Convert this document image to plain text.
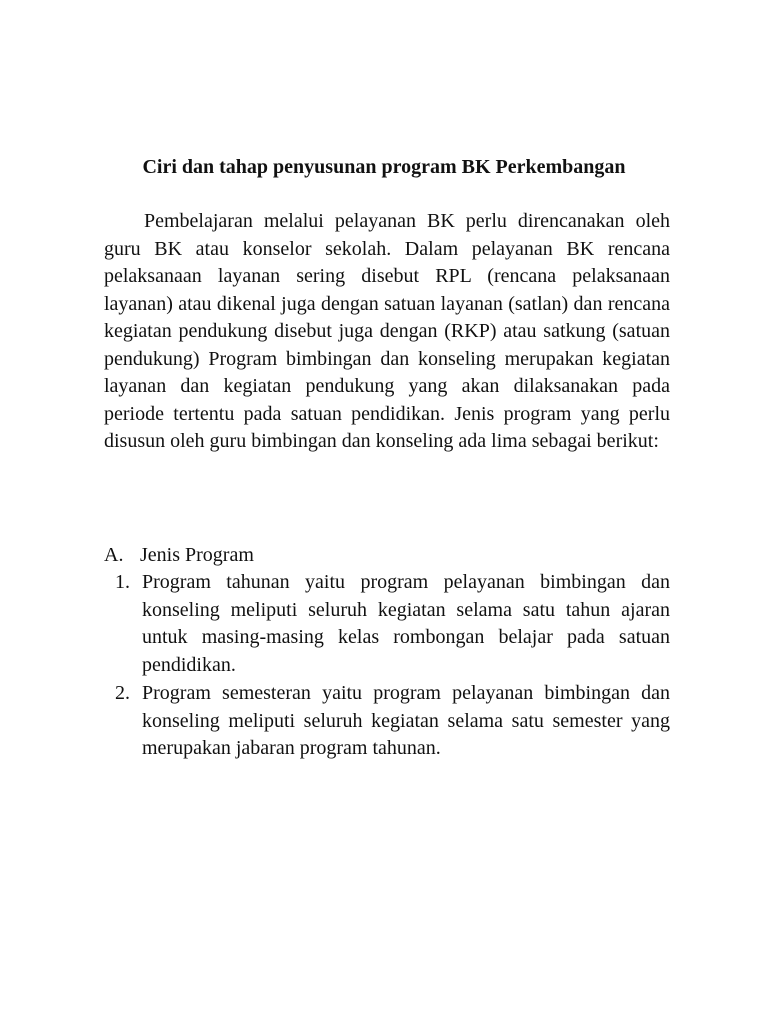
Ciri dan tahap penyusunan program BK Perkembangan

Pembelajaran melalui pelayanan BK perlu direncanakan oleh guru BK atau konselor sekolah. Dalam pelayanan BK rencana pelaksanaan layanan sering disebut RPL (rencana pelaksanaan layanan) atau dikenal juga dengan satuan layanan (satlan) dan rencana kegiatan pendukung disebut juga dengan (RKP) atau satkung (satuan pendukung) Program bimbingan dan konseling merupakan kegiatan layanan dan kegiatan pendukung yang akan dilaksanakan pada periode tertentu pada satuan pendidikan. Jenis program yang perlu disusun oleh guru bimbingan dan konseling ada lima sebagai berikut:

A. Jenis Program
1. Program tahunan yaitu program pelayanan bimbingan dan konseling meliputi seluruh kegiatan selama satu tahun ajaran untuk masing-masing kelas rombongan belajar pada satuan pendidikan.

2. Program semesteran yaitu program pelayanan bimbingan dan konseling meliputi seluruh kegiatan selama satu semester yang merupakan jabaran program tahunan.
